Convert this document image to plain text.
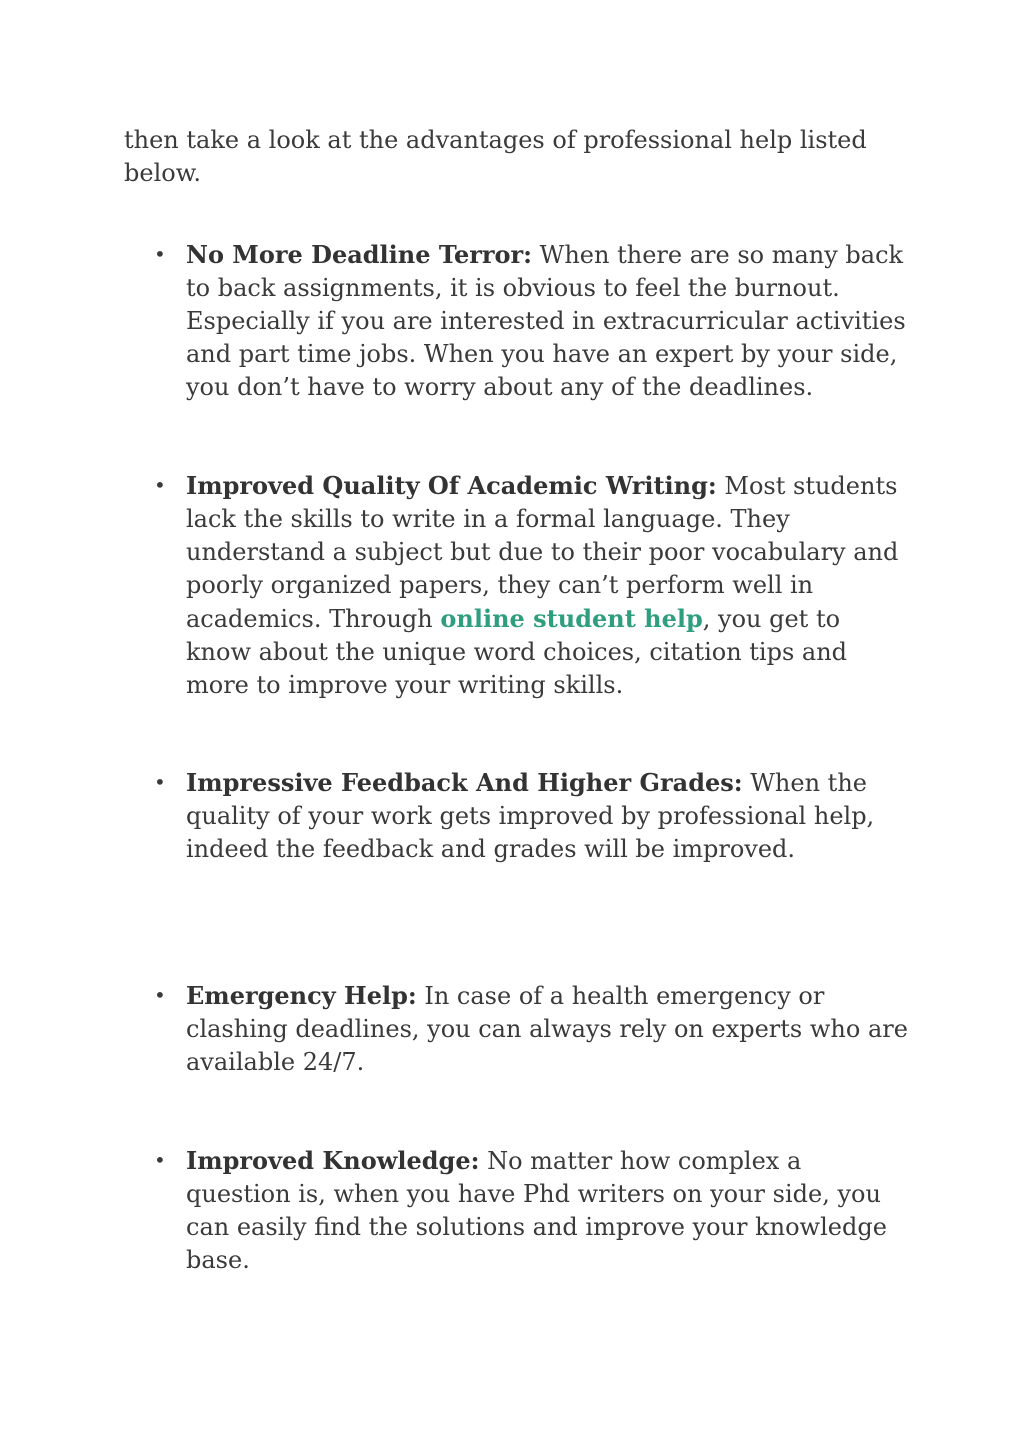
then take a look at the advantages of professional help listed below.

• No More Deadline Terror: When there are so many back to back assignments, it is obvious to feel the burnout. Especially if you are interested in extracurricular activities and part time jobs. When you have an expert by your side, you don’t have to worry about any of the deadlines.

• Improved Quality Of Academic Writing: Most students lack the skills to write in a formal language. They understand a subject but due to their poor vocabulary and poorly organized papers, they can’t perform well in academics. Through online student help, you get to know about the unique word choices, citation tips and more to improve your writing skills.

• Impressive Feedback And Higher Grades: When the quality of your work gets improved by professional help, indeed the feedback and grades will be improved.

• Emergency Help: In case of a health emergency or clashing deadlines, you can always rely on experts who are available 24/7.

• Improved Knowledge: No matter how complex a question is, when you have Phd writers on your side, you can easily find the solutions and improve your knowledge base.
